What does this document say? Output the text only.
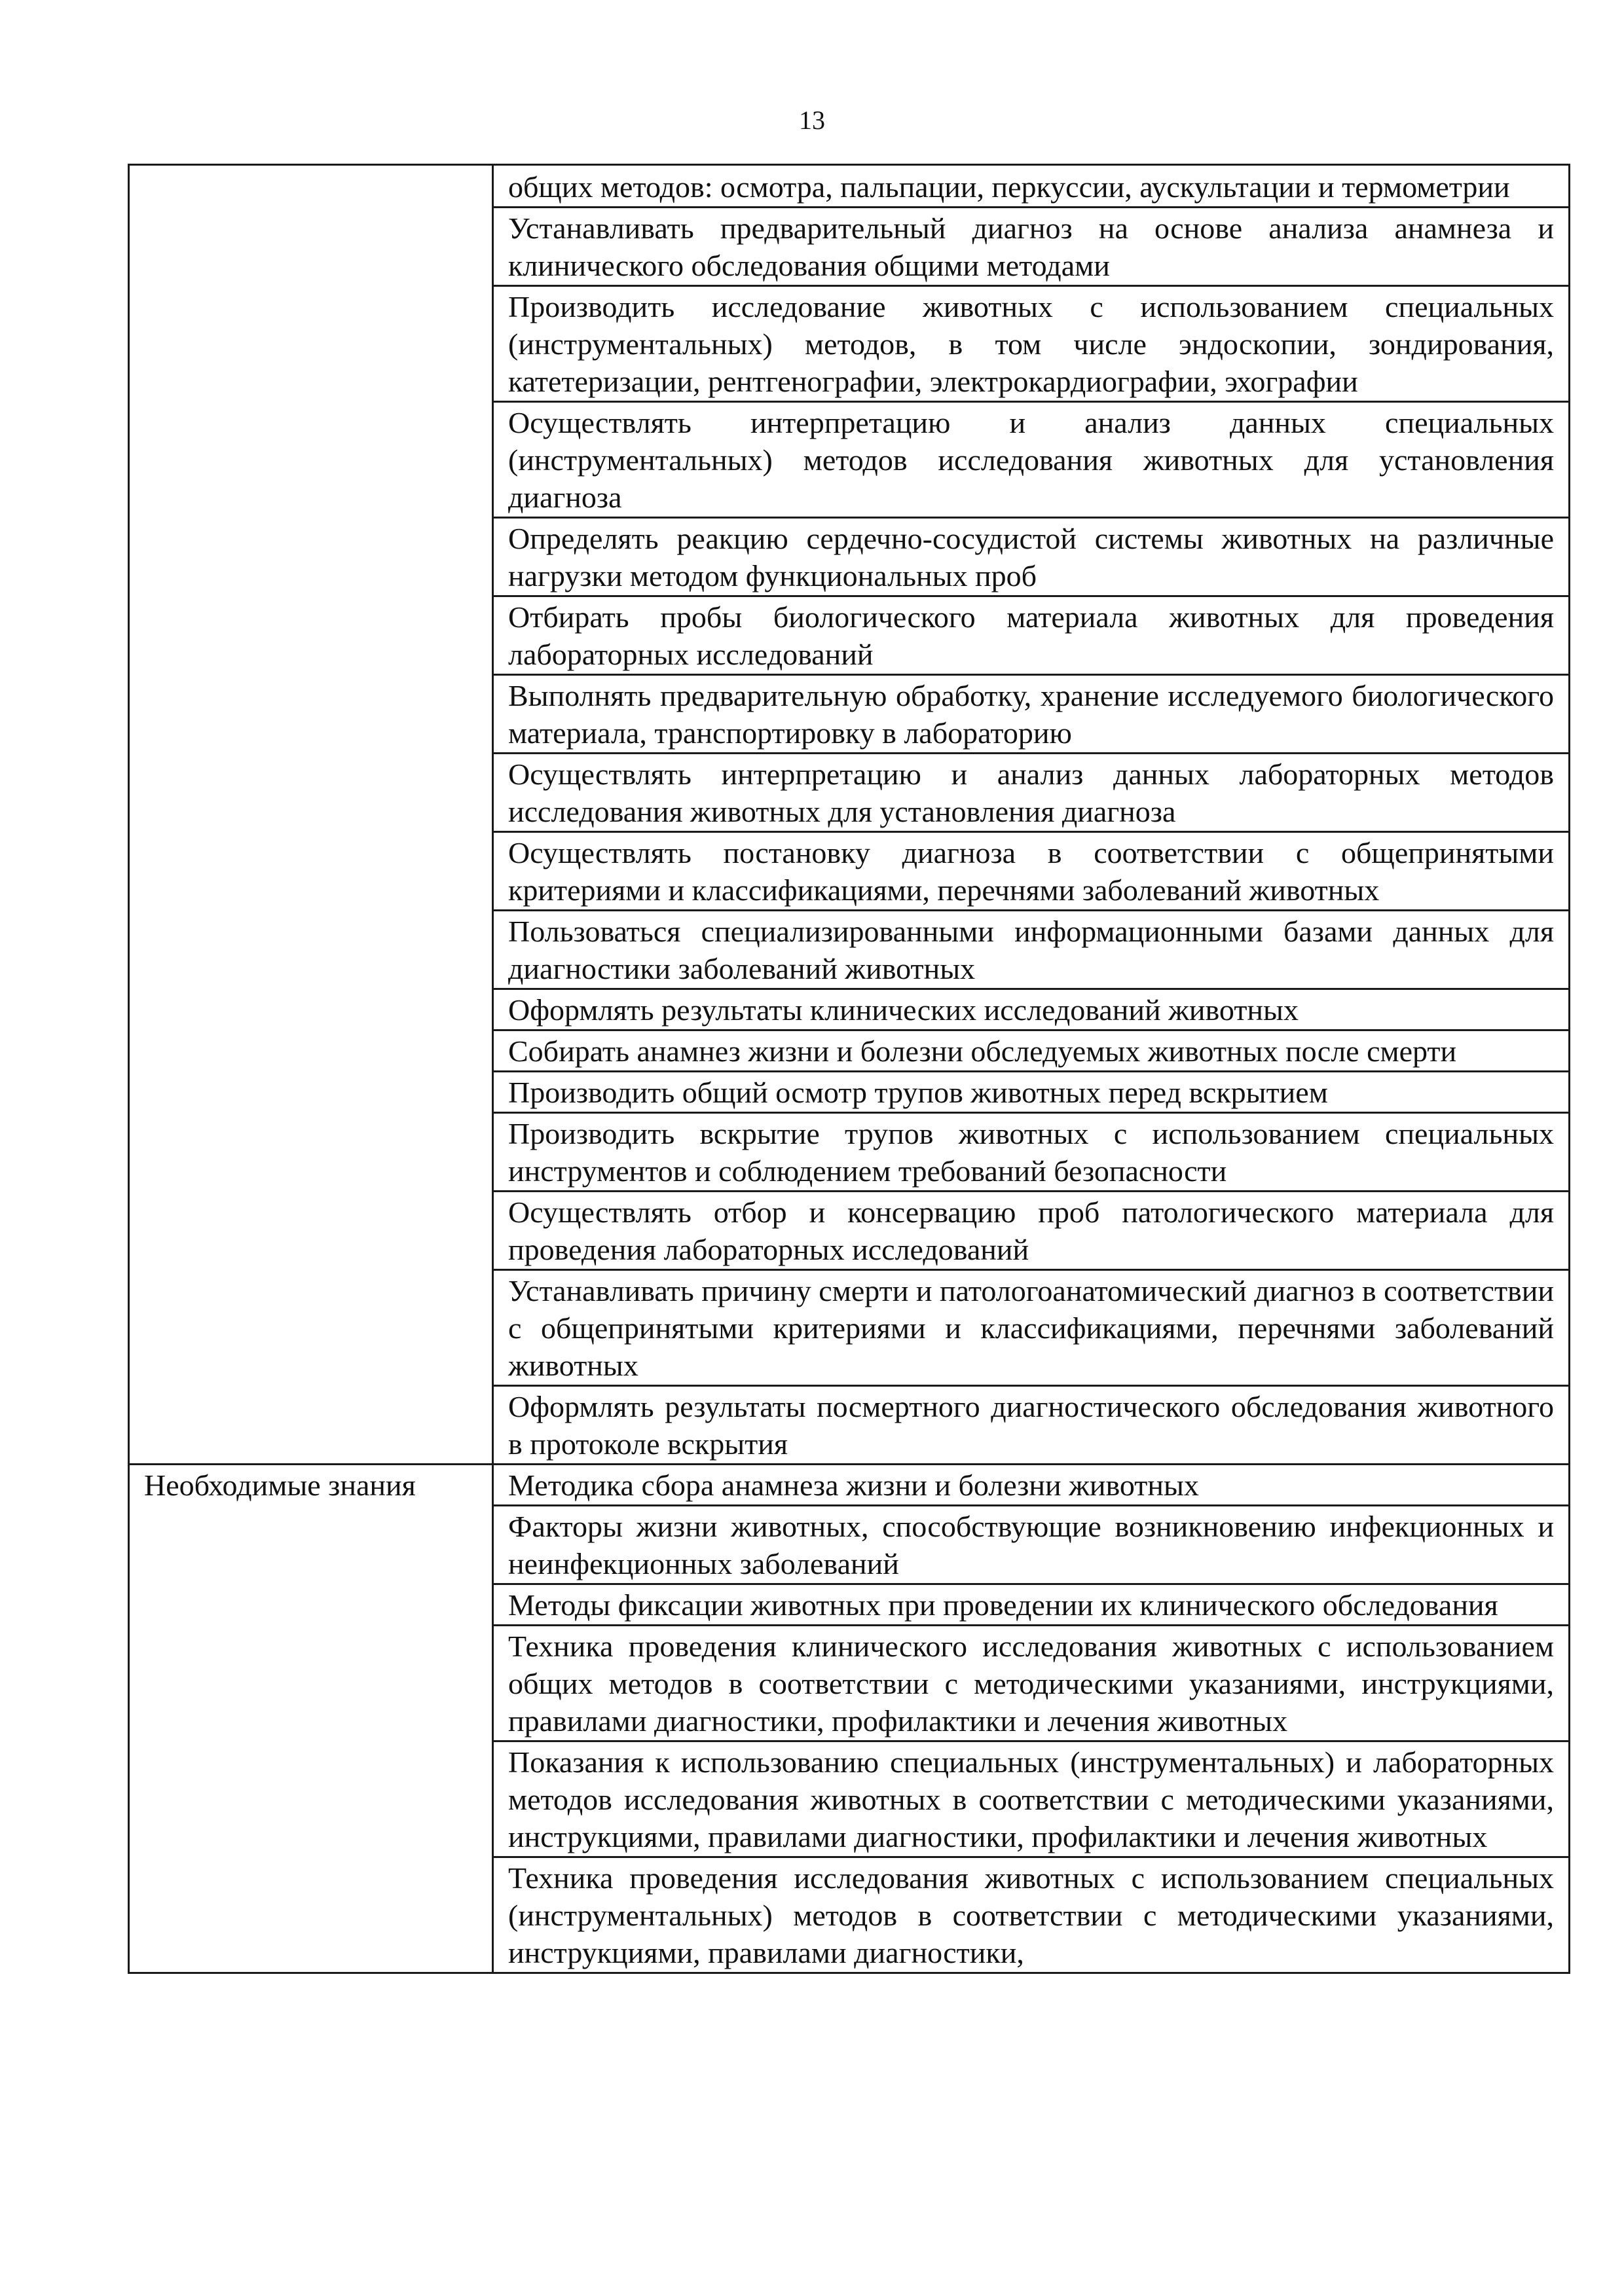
13
	общих методов: осмотра, пальпации, перкуссии, аускультации и термометрии
	Устанавливать предварительный диагноз на основе анализа анамнеза и клинического обследования общими методами
	Производить исследование животных с использованием специальных (инструментальных) методов, в том числе эндоскопии, зондирования, катетеризации, рентгенографии, электрокардиографии, эхографии
	Осуществлять интерпретацию и анализ данных специальных (инструментальных) методов исследования животных для установления диагноза
	Определять реакцию сердечно-сосудистой системы животных на различные нагрузки методом функциональных проб
	Отбирать пробы биологического материала животных для проведения лабораторных исследований
	Выполнять предварительную обработку, хранение исследуемого биологического материала, транспортировку в лабораторию
	Осуществлять интерпретацию и анализ данных лабораторных методов исследования животных для установления диагноза
	Осуществлять постановку диагноза в соответствии с общепринятыми критериями и классификациями, перечнями заболеваний животных
	Пользоваться специализированными информационными базами данных для диагностики заболеваний животных
	Оформлять результаты клинических исследований животных
	Собирать анамнез жизни и болезни обследуемых животных после смерти
	Производить общий осмотр трупов животных перед вскрытием
	Производить вскрытие трупов животных с использованием специальных инструментов и соблюдением требований безопасности
	Осуществлять отбор и консервацию проб патологического материала для проведения лабораторных исследований
	Устанавливать причину смерти и патологоанатомический диагноз в соответствии с общепринятыми критериями и классификациями, перечнями заболеваний животных
	Оформлять результаты посмертного диагностического обследования животного в протоколе вскрытия
Необходимые знания	Методика сбора анамнеза жизни и болезни животных
	Факторы жизни животных, способствующие возникновению инфекционных и неинфекционных заболеваний
	Методы фиксации животных при проведении их клинического обследования
	Техника проведения клинического исследования животных с использованием общих методов в соответствии с методическими указаниями, инструкциями, правилами диагностики, профилактики и лечения животных
	Показания к использованию специальных (инструментальных) и лабораторных методов исследования животных в соответствии с методическими указаниями, инструкциями, правилами диагностики, профилактики и лечения животных
	Техника проведения исследования животных с использованием специальных (инструментальных) методов в соответствии с методическими указаниями, инструкциями, правилами диагностики,
